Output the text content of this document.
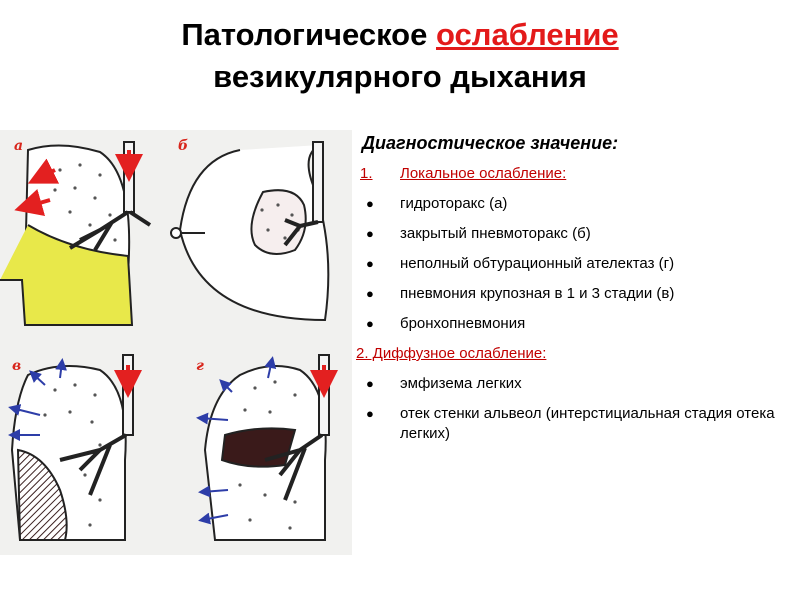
Патологическое ослабление
везикулярного дыхания
а	б
в	г
Диагностическое значение:
1.	Локальное ослабление:
●	гидроторакс (а)
●	закрытый пневмоторакс (б)
●	неполный обтурационный ателектаз (г)
●	пневмония крупозная в 1 и 3 стадии (в)
●	бронхопневмония
2. Диффузное ослабление:
●	эмфизема легких
●	отек стенки альвеол (интерстициальная стадия отека легких)
